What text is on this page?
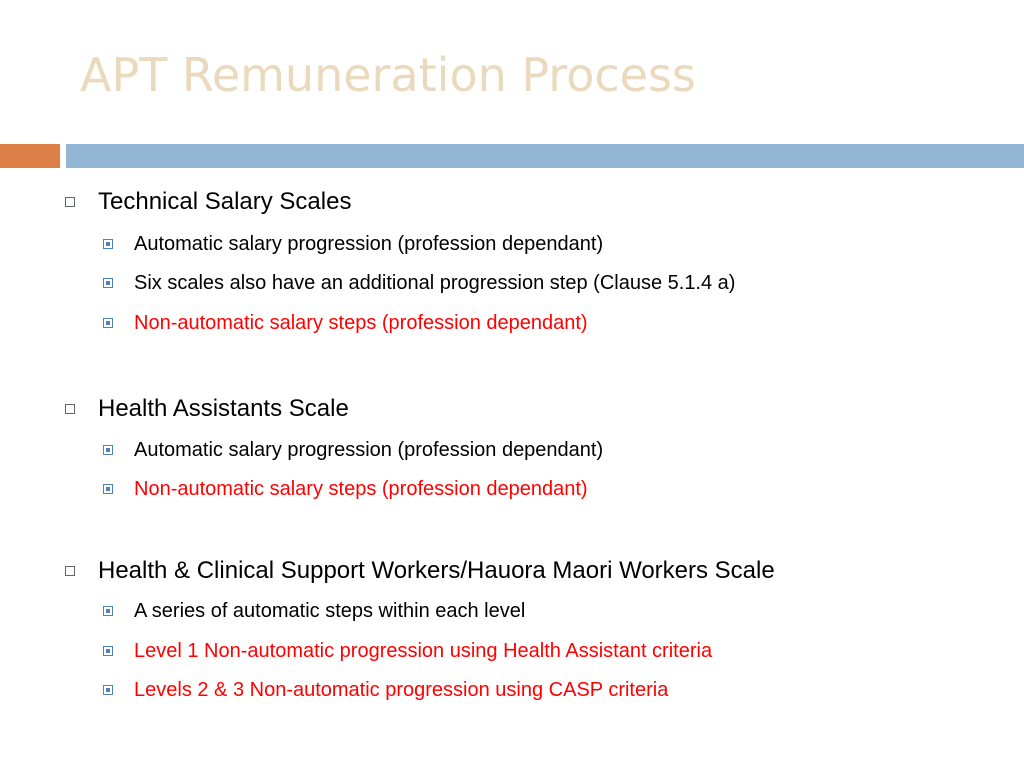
APT Remuneration Process
Technical Salary Scales
Automatic salary progression (profession dependant)
Six scales also have an additional progression step (Clause 5.1.4 a)
Non-automatic salary steps (profession dependant)
Health Assistants Scale
Automatic salary progression (profession dependant)
Non-automatic salary steps (profession dependant)
Health & Clinical Support Workers/Hauora Maori Workers Scale
A series of automatic steps within each level
Level 1 Non-automatic progression using Health Assistant criteria
Levels 2 & 3 Non-automatic progression using CASP criteria
